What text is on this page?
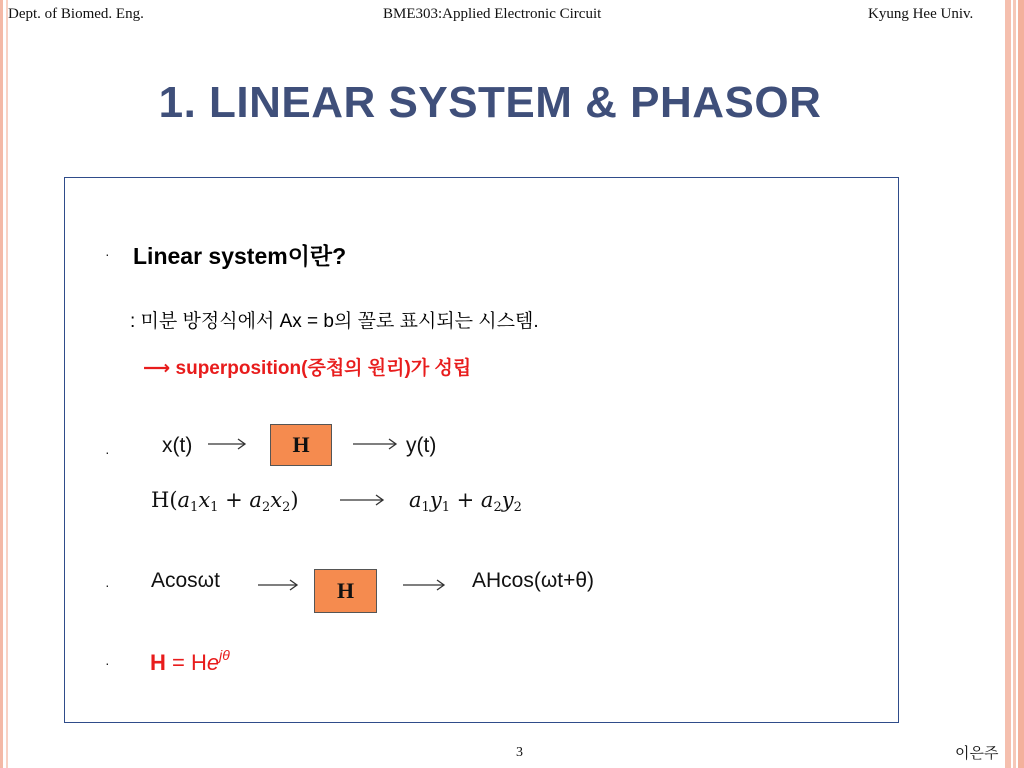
Dept. of Biomed. Eng.	BME303:Applied Electronic Circuit	Kyung Hee Univ.
1. LINEAR SYSTEM & PHASOR
· Linear system이란?
: 미분 방정식에서 Ax = b의 꼴로 표시되는 시스템.
⟶ superposition(중첩의 원리)가 성립
· x(t)	H	y(t)
$H(a_1x_1 + a_2x_2)$	$a_1y_1 + a_2y_2$
· Acosωt	H	AHcos(ωt+θ)
· $H = He^{j\theta}$
3	이은주
